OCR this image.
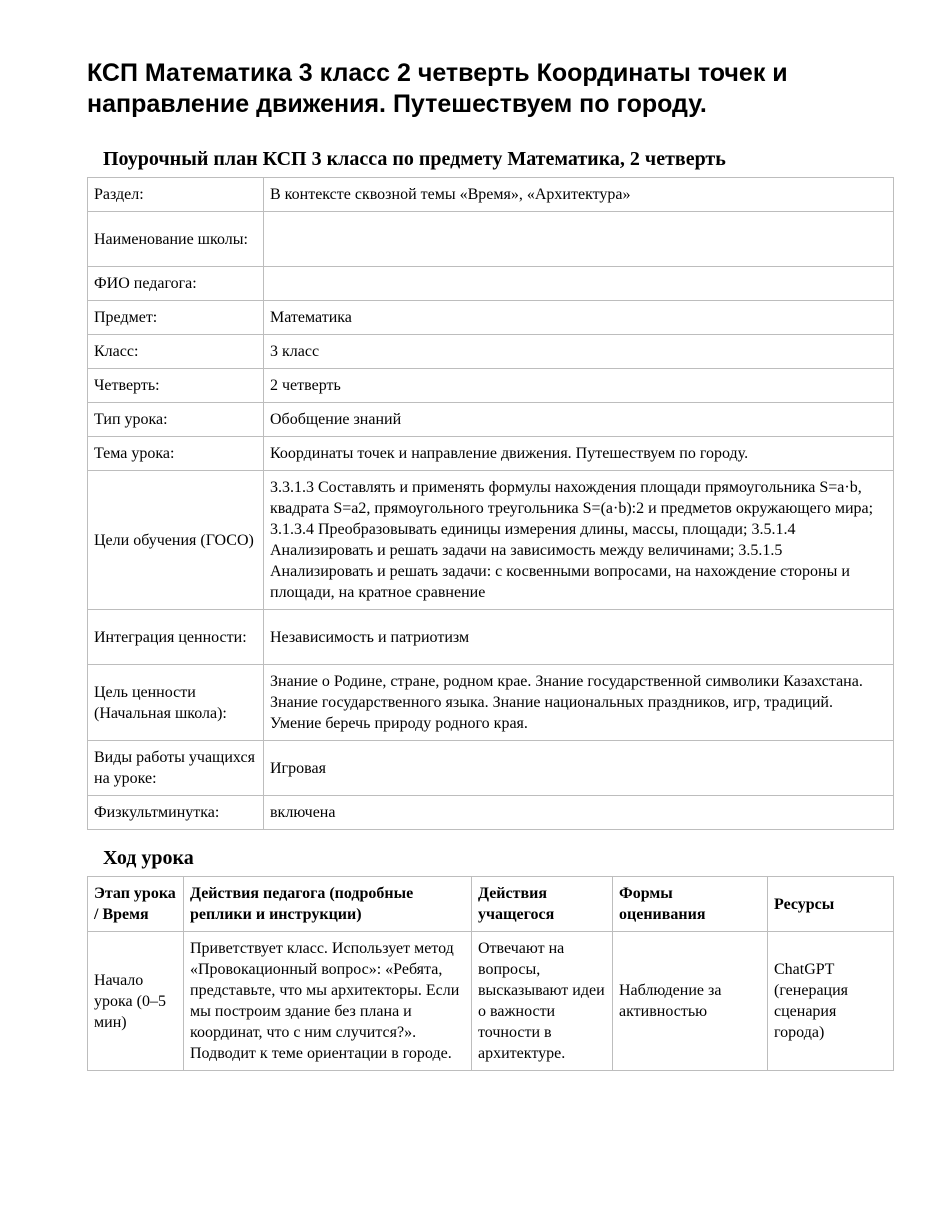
КСП Математика 3 класс 2 четверть Координаты точек и направление движения. Путешествуем по городу.
Поурочный план КСП 3 класса по предмету Математика, 2 четверть
Раздел:	В контексте сквозной темы «Время», «Архитектура»
Наименование школы:	
ФИО педагога:	
Предмет:	Математика
Класс:	3 класс
Четверть:	2 четверть
Тип урока:	Обобщение знаний
Тема урока:	Координаты точек и направление движения. Путешествуем по городу.
Цели обучения (ГОСО)	3.3.1.3 Составлять и применять формулы нахождения площади прямоугольника S=a·b, квадрата S=a2, прямоугольного треугольника S=(a·b):2 и предметов окружающего мира; 3.1.3.4 Преобразовывать единицы измерения длины, массы, площади; 3.5.1.4 Анализировать и решать задачи на зависимость между величинами; 3.5.1.5 Анализировать и решать задачи: с косвенными вопросами, на нахождение стороны и площади, на кратное сравнение
Интеграция ценности:	Независимость и патриотизм
Цель ценности (Начальная школа):	Знание о Родине, стране, родном крае. Знание государственной символики Казахстана. Знание государственного языка. Знание национальных праздников, игр, традиций. Умение беречь природу родного края.
Виды работы учащихся на уроке:	Игровая
Физкультминутка:	включена
Ход урока
Этап урока / Время	Действия педагога (подробные реплики и инструкции)	Действия учащегося	Формы оценивания	Ресурсы
Начало урока (0–5 мин)	Приветствует класс. Использует метод «Провокационный вопрос»: «Ребята, представьте, что мы архитекторы. Если мы построим здание без плана и координат, что с ним случится?». Подводит к теме ориентации в городе.	Отвечают на вопросы, высказывают идеи о важности точности в архитектуре.	Наблюдение за активностью	ChatGPT (генерация сценария города)
